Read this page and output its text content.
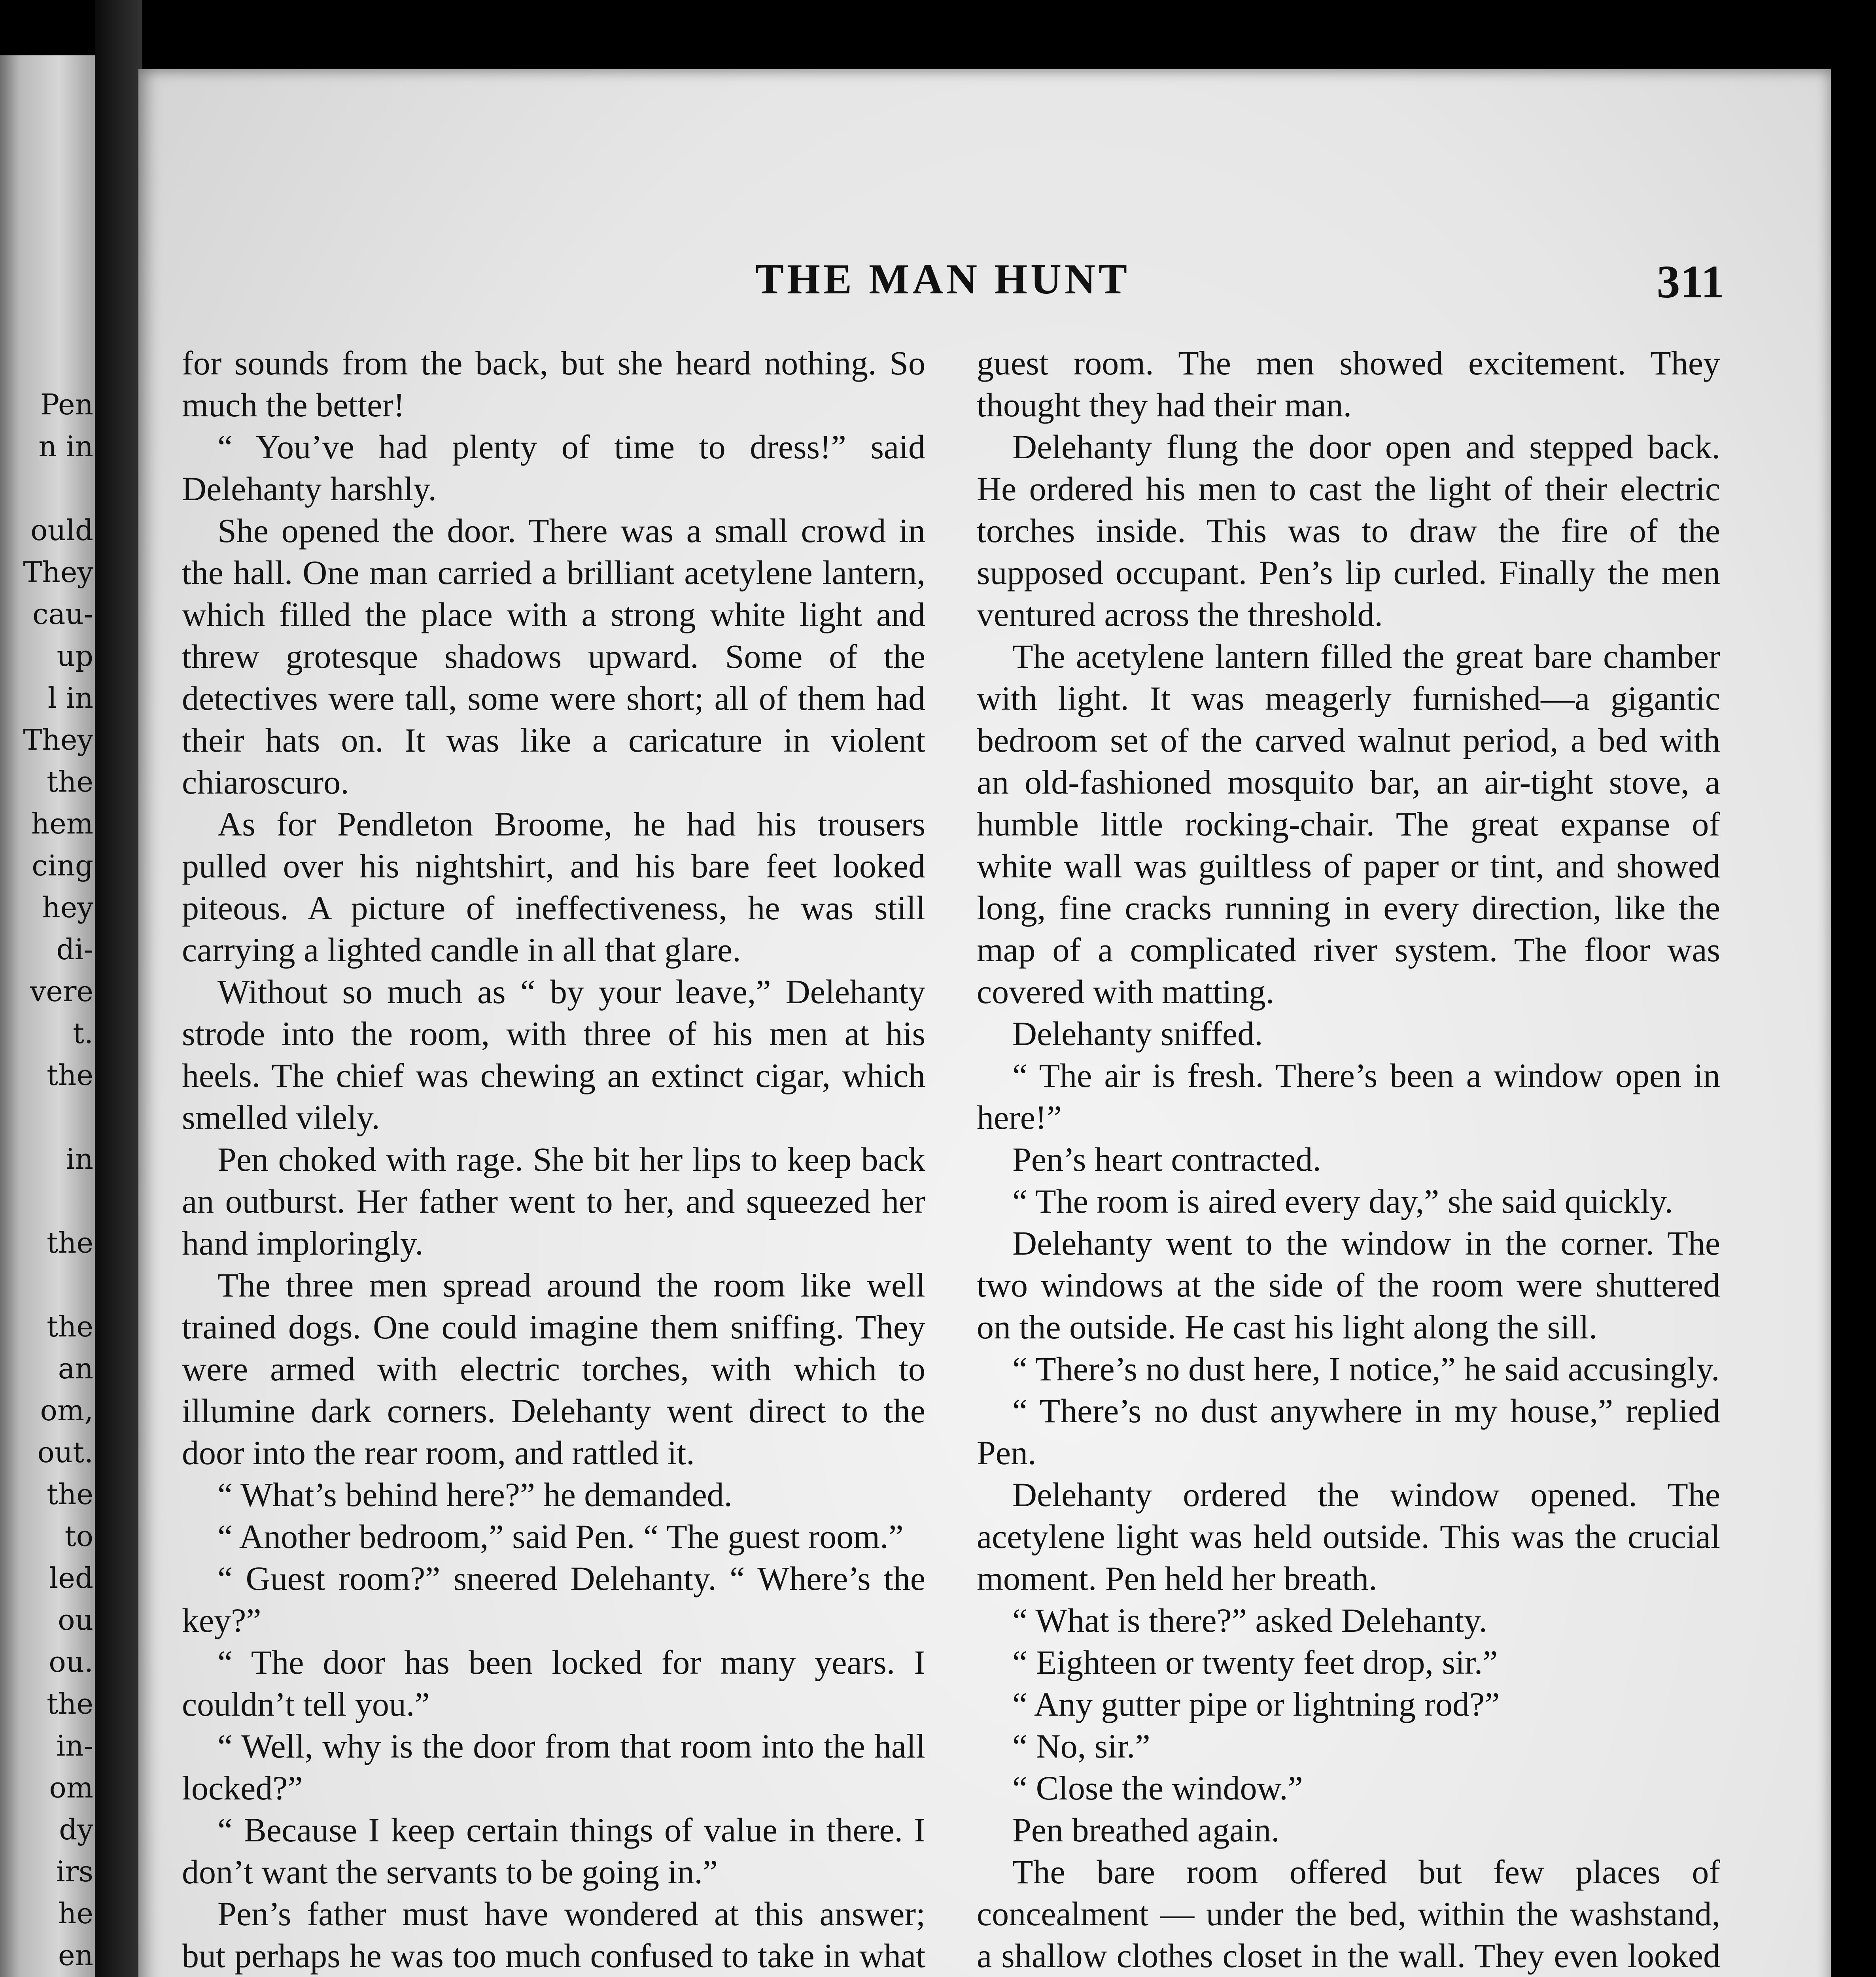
Pen
n in
ould
They
cau-
up
l in
They
the
hem
cing
hey
di-
vere
t.
the
in
the
the
an
om,
out.
the
to
led
ou
ou.
the
in-
om
dy
irs
he
en
THE MAN HUNT	311

for sounds from the back, but she heard nothing. So much the better!

“ You’ve had plenty of time to dress!” said Delehanty harshly.

She opened the door. There was a small crowd in the hall. One man carried a brilliant acetylene lantern, which filled the place with a strong white light and threw grotesque shadows upward. Some of the detectives were tall, some were short; all of them had their hats on. It was like a caricature in violent chiaroscuro.

As for Pendleton Broome, he had his trousers pulled over his nightshirt, and his bare feet looked piteous. A picture of ineffectiveness, he was still carrying a lighted candle in all that glare.

Without so much as “ by your leave,” Delehanty strode into the room, with three of his men at his heels. The chief was chewing an extinct cigar, which smelled vilely.

Pen choked with rage. She bit her lips to keep back an outburst. Her father went to her, and squeezed her hand imploringly.

The three men spread around the room like well trained dogs. One could imagine them sniffing. They were armed with electric torches, with which to illumine dark corners. Delehanty went direct to the door into the rear room, and rattled it.

“ What’s behind here?” he demanded.

“ Another bedroom,” said Pen. “ The guest room.”

“ Guest room?” sneered Delehanty. “ Where’s the key?”

“ The door has been locked for many years. I couldn’t tell you.”

“ Well, why is the door from that room into the hall locked?”

“ Because I keep certain things of value in there. I don’t want the servants to be going in.”

Pen’s father must have wondered at this answer; but perhaps he was too much confused to take in what

guest room. The men showed excitement. They thought they had their man.

Delehanty flung the door open and stepped back. He ordered his men to cast the light of their electric torches inside. This was to draw the fire of the supposed occupant. Pen’s lip curled. Finally the men ventured across the threshold.

The acetylene lantern filled the great bare chamber with light. It was meagerly furnished—a gigantic bedroom set of the carved walnut period, a bed with an old-fashioned mosquito bar, an air-tight stove, a humble little rocking-chair. The great expanse of white wall was guiltless of paper or tint, and showed long, fine cracks running in every direction, like the map of a complicated river system. The floor was covered with matting.

Delehanty sniffed.

“ The air is fresh. There’s been a window open in here!”

Pen’s heart contracted.

“ The room is aired every day,” she said quickly.

Delehanty went to the window in the corner. The two windows at the side of the room were shuttered on the outside. He cast his light along the sill.

“ There’s no dust here, I notice,” he said accusingly.

“ There’s no dust anywhere in my house,” replied Pen.

Delehanty ordered the window opened. The acetylene light was held outside. This was the crucial moment. Pen held her breath.

“ What is there?” asked Delehanty.

“ Eighteen or twenty feet drop, sir.”

“ Any gutter pipe or lightning rod?”

“ No, sir.”

“ Close the window.”

Pen breathed again.

The bare room offered but few places of concealment — under the bed, within the washstand, a shallow clothes closet in the wall. They even looked
